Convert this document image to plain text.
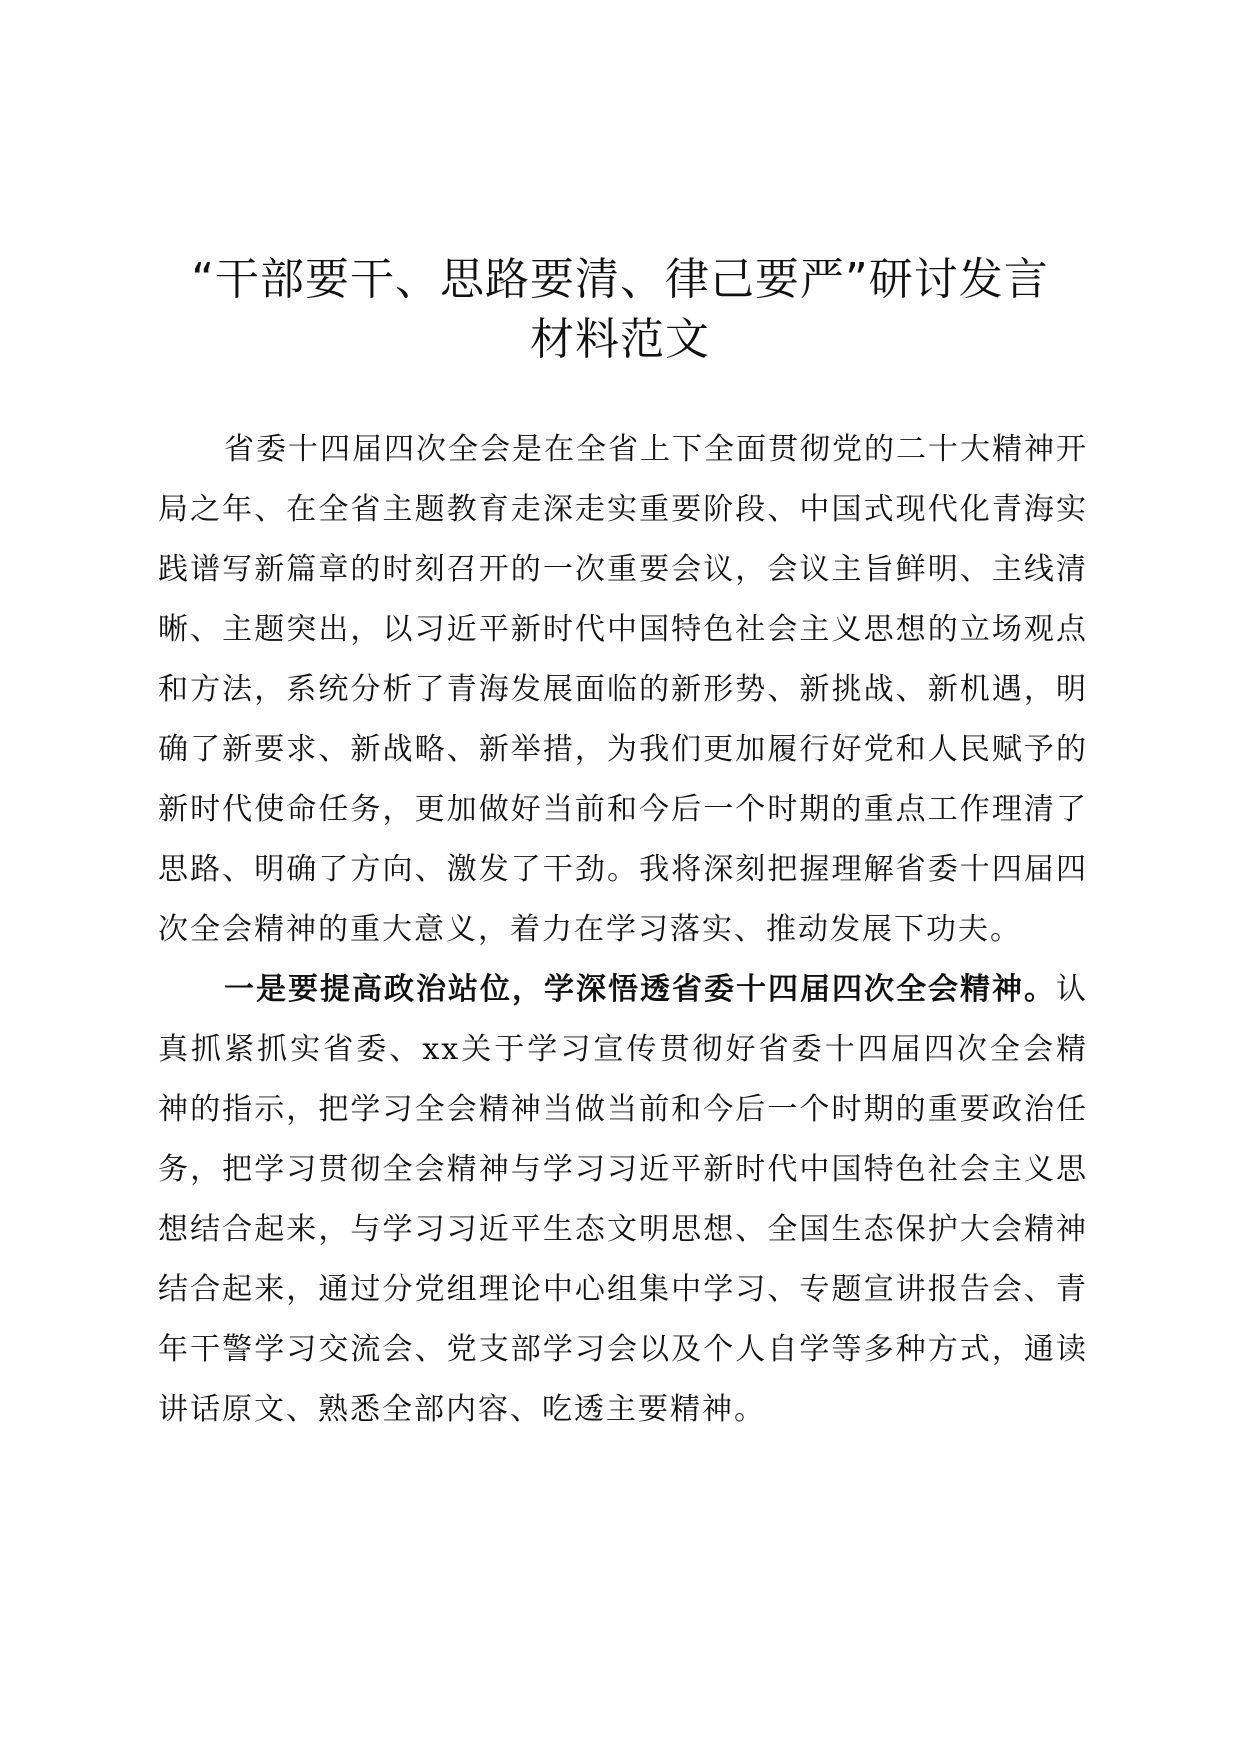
“干部要干、思路要清、律己要严”研讨发言
材料范文

省委十四届四次全会是在全省上下全面贯彻党的二十大精神开局之年、在全省主题教育走深走实重要阶段、中国式现代化青海实践谱写新篇章的时刻召开的一次重要会议，会议主旨鲜明、主线清晰、主题突出，以习近平新时代中国特色社会主义思想的立场观点和方法，系统分析了青海发展面临的新形势、新挑战、新机遇，明确了新要求、新战略、新举措，为我们更加履行好党和人民赋予的新时代使命任务，更加做好当前和今后一个时期的重点工作理清了思路、明确了方向、激发了干劲。我将深刻把握理解省委十四届四次全会精神的重大意义，着力在学习落实、推动发展下功夫。

一是要提高政治站位，学深悟透省委十四届四次全会精神。认真抓紧抓实省委、xx关于学习宣传贯彻好省委十四届四次全会精神的指示，把学习全会精神当做当前和今后一个时期的重要政治任务，把学习贯彻全会精神与学习习近平新时代中国特色社会主义思想结合起来，与学习习近平生态文明思想、全国生态保护大会精神结合起来，通过分党组理论中心组集中学习、专题宣讲报告会、青年干警学习交流会、党支部学习会以及个人自学等多种方式，通读讲话原文、熟悉全部内容、吃透主要精神。
